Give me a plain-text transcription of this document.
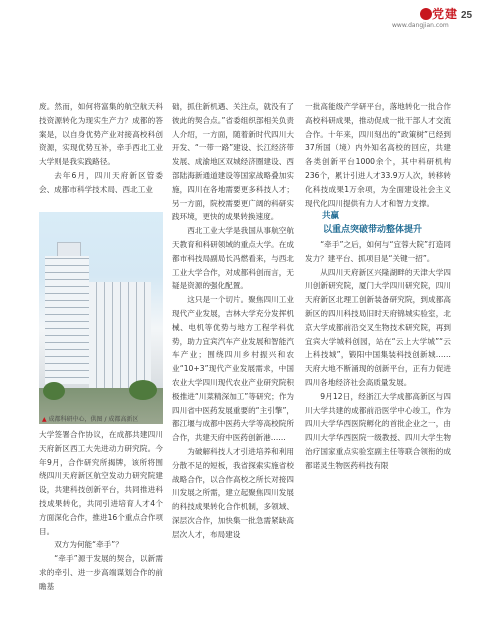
党建
www.dangjian.com
25

废。然而，如何将富集的航空航天科技资源转化为现实生产力？成都的答案是，以自身优势产业对接高校科创资源，实现优势互补，牵手西北工业大学则是我实践路径。

去年6月，四川天府新区管委会、成都市科学技术局、西北工业

▲ 成都科研中心，供图 / 成都高新区

大学签署合作协议，在成都共建四川天府新区西工大先进动力研究院。今年9月，合作研究所揭牌，该所将围绕四川天府新区航空发动力研究院建设，共建科技创新平台，共同推进科技成果转化，共同引进培育人才4个方面深化合作，推进16个重点合作项目。

双方为何能“牵手”？

“牵手”源于发展的契合，以新需求的牵引、进一步高端谋划合作的前瞻基

础，抓住新机遇、关注点，就没有了彼此的契合点。”省委组织部相关负责人介绍，一方面，随着新时代四川大开发、“一带一路”建设、长江经济带发展、成渝地区双城经济圈建设、西部陆海新通道建设等国家战略叠加实施，四川在各地需要更多科技人才；另一方面，院校需要更广阔的科研实践环境，更快的成果转换速度。

西北工业大学是我国从事航空航天教育和科研领域的重点大学。在成都市科技局副局长冯燃看来，与西北工业大学合作，对成都科创而言，无疑是资源的强化配置。

这只是一个切片。聚焦四川工业现代产业发展，吉林大学充分发挥机械、电机等优势与地方工程学科优势，助力宜宾汽车产业发展和智能汽车产业；围绕四川乡村振兴和农业“10+3”现代产业发展需求，中国农业大学四川现代农业产业研究院积极推进“川菜精深加工”等研究；作为四川省中医药发展重要的“主引擎”，都江堰与成都中医药大学等高校院所合作，共建天府中医药创新港……

为破解科技人才引进培养和利用分散不足的短板，我省探索实施省校战略合作，以合作高校之所长对接四川发展之所需，建立起聚焦四川发展的科技成果转化合作机制，多领域、深层次合作，加快集一批急需紧缺高层次人才，布局建设

一批高能级产学研平台，落地转化一批合作高校科研成果，推动促成一批干部人才交流合作。十年来，四川刻出的“政策树”已经到37所国（境）内外知名高校的回应，共建各类创新平台1000余个，其中科研机构236个，累计引进人才33.9万人次，转移转化科技成果1万余项，为全面建设社会主义现代化四川提供有力人才和智力支撑。

共赢

以重点突破带动整体提升

“牵手”之后，如何与“宜蓉大院”打造同发力？建平台、抓项目是“关键一招”。

从四川天府新区兴隆湖畔的天津大学四川创新研究院，厦门大学四川研究院，四川天府新区北理工创新装备研究院，到成都高新区的四川科技局旧时天府锦城实验室，北京大学成都前沿交叉生物技术研究院，再到宜宾大学城科创园，站在“云上大学城”“云上科技城”，锻阳中国集装科技创新城……天府大地不断涌现的创新平台，正有力促进四川各地经济社会高质量发展。

9月12日，经浙江大学成都高新区与四川大学共建的成都前沿医学中心竣工，作为四川大学华西医院孵化的首批企业之一，由四川大学华西医院一级教授、四川大学生物治疗国家重点实验室副主任等联合领衔的成都诺灵生物医药科技有限
